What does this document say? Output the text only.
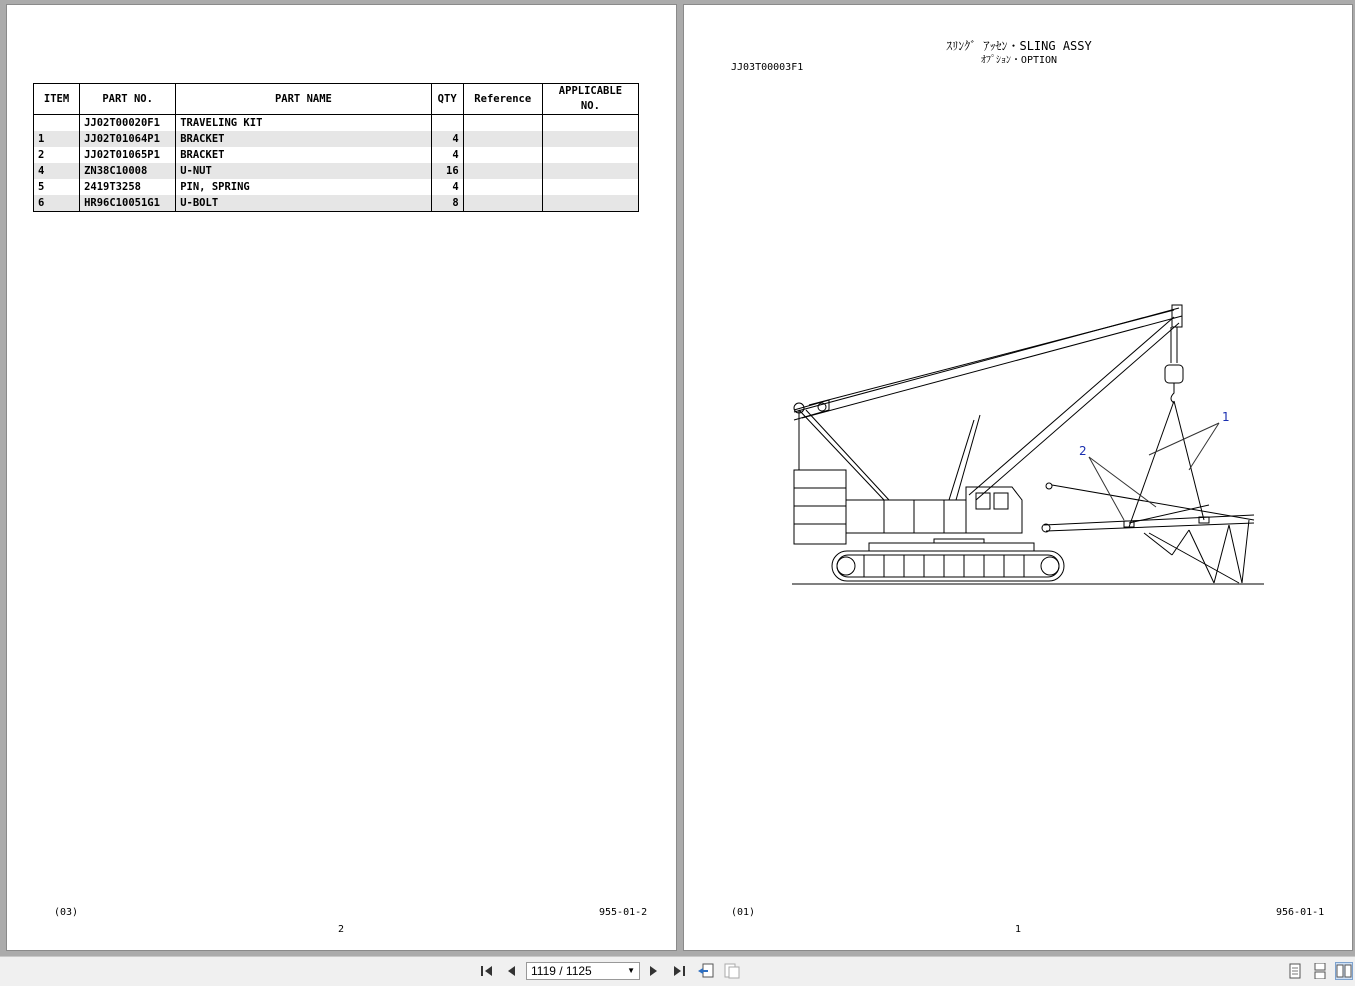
ITEM	PART NO.	PART NAME	QTY	Reference	APPLICABLE NO.
	JJ02T00020F1	TRAVELING KIT			
1	JJ02T01064P1	BRACKET	4		
2	JJ02T01065P1	BRACKET	4		
4	ZN38C10008	U-NUT	16		
5	2419T3258	PIN, SPRING	4		
6	HR96C10051G1	U-BOLT	8		
(03)	955-01-2
2
ｽﾘﾝｸﾞ ｱｯｾﾝ・SLING ASSY
ｵﾌﾟｼｮﾝ・OPTION
JJ03T00003F1
1
2
(01)	956-01-1
1
1119 / 1125	▼
